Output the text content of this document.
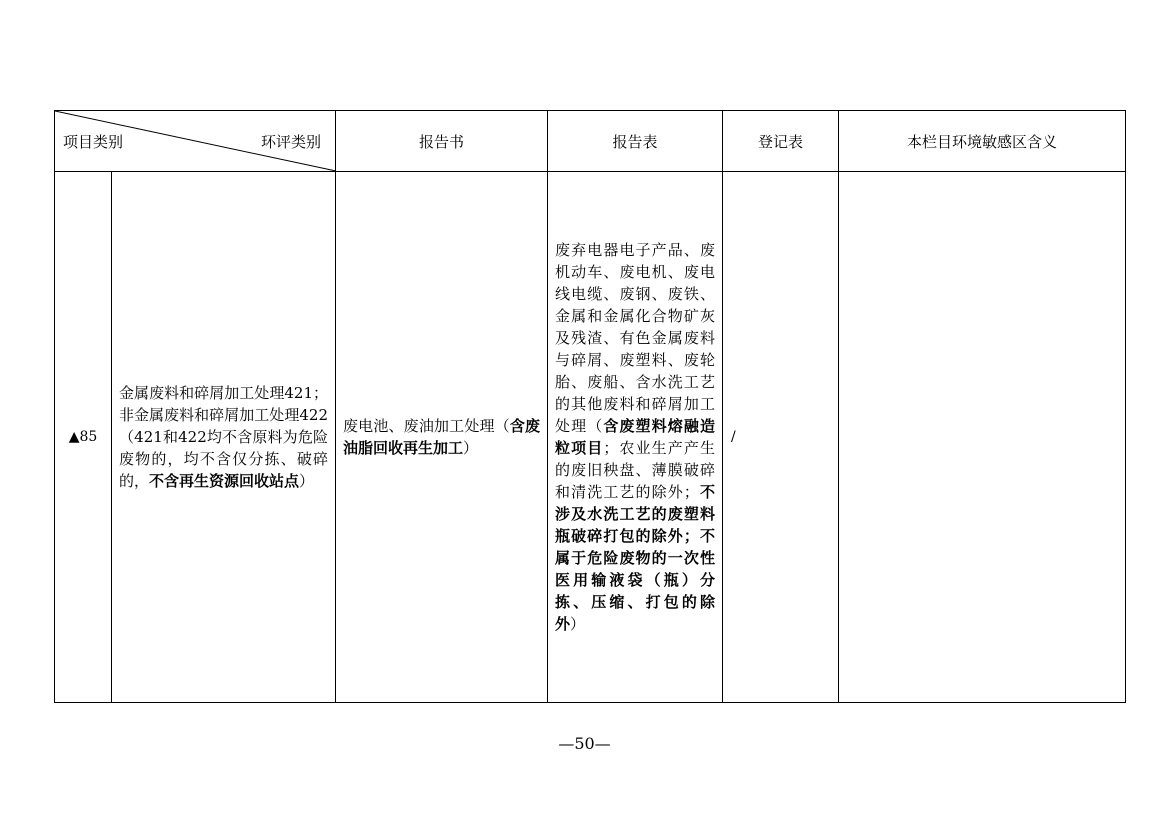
项目类别 环评类别		报告书	报告表	登记表	本栏目环境敏感区含义
▲85	金属废料和碎屑加工处理421；非金属废料和碎屑加工处理422（421和422均不含原料为危险废物的，均不含仅分拣、破碎的，不含再生资源回收站点）	废电池、废油加工处理（含废油脂回收再生加工）	废弃电器电子产品、废机动车、废电机、废电线电缆、废钢、废铁、金属和金属化合物矿灰及残渣、有色金属废料与碎屑、废塑料、废轮胎、废船、含水洗工艺的其他废料和碎屑加工处理（含废塑料熔融造粒项目；农业生产产生的废旧秧盘、薄膜破碎和清洗工艺的除外；不涉及水洗工艺的废塑料瓶破碎打包的除外；不属于危险废物的一次性医用输液袋（瓶）分拣、压缩、打包的除外）	/	
—50—
